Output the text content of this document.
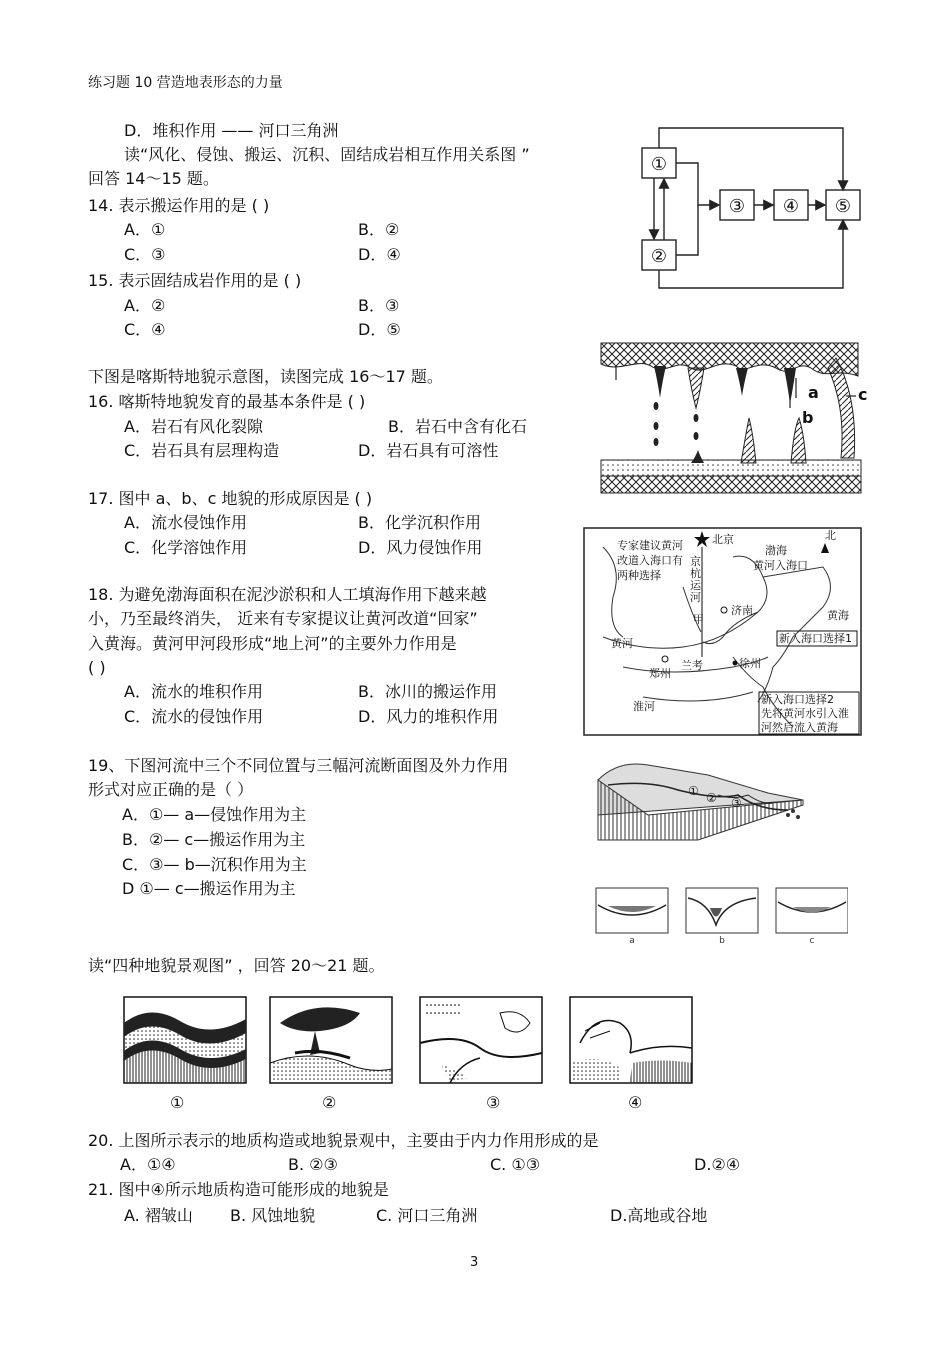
练习题 10 营造地表形态的力量
D．堆积作用 —— 河口三角洲
读“风化、侵蚀、搬运、沉积、固结成岩相互作用关系图 ”
回答 14～15 题。
14. 表示搬运作用的是 ( )
A．①	B．②
C．③	D．④
15. 表示固结成岩作用的是 ( )
A．②	B．③
C．④	D．⑤
下图是喀斯特地貌示意图，读图完成 16～17 题。
16. 喀斯特地貌发育的最基本条件是 ( )
A．岩石有风化裂隙	B．岩石中含有化石
C．岩石具有层理构造	D．岩石具有可溶性
17. 图中 a、b、c 地貌的形成原因是 ( )
A．流水侵蚀作用	B．化学沉积作用
C．化学溶蚀作用	D．风力侵蚀作用
18. 为避免渤海面积在泥沙淤积和人工填海作用下越来越
小，乃至最终消失， 近来有专家提议让黄河改道“回家”
入黄海。黄河甲河段形成“地上河”的主要外力作用是
( )
A．流水的堆积作用	B．冰川的搬运作用
C．流水的侵蚀作用	D．风力的堆积作用
19、下图河流中三个不同位置与三幅河流断面图及外力作用
形式对应正确的是（ ）
A．①— a—侵蚀作用为主
B．②— c—搬运作用为主
C．③— b—沉积作用为主
D ①— c—搬运作用为主
读“四种地貌景观图” ，回答 20～21 题。
20. 上图所示表示的地质构造或地貌景观中，主要由于内力作用形成的是
A．①④	B. ②③	C. ①③	D.②④
21. 图中④所示地质构造可能形成的地貌是
A. 褶皱山 B. 风蚀地貌	C. 河口三角洲	D.高地或谷地
3
①
②
③ ④ ⑤
a
b
c
专家建议黄河
改道入海口有
两种选择
北京
京
杭
运
河
甲
北
渤海
黄河入海口
济南	黄海
黄河	新入海口选择1
郑州
兰考	徐州
淮河
新入海口选择2
先将黄河水引入淮
河然后流入黄海
① ② ③
a	b	c
①	②	③	④
